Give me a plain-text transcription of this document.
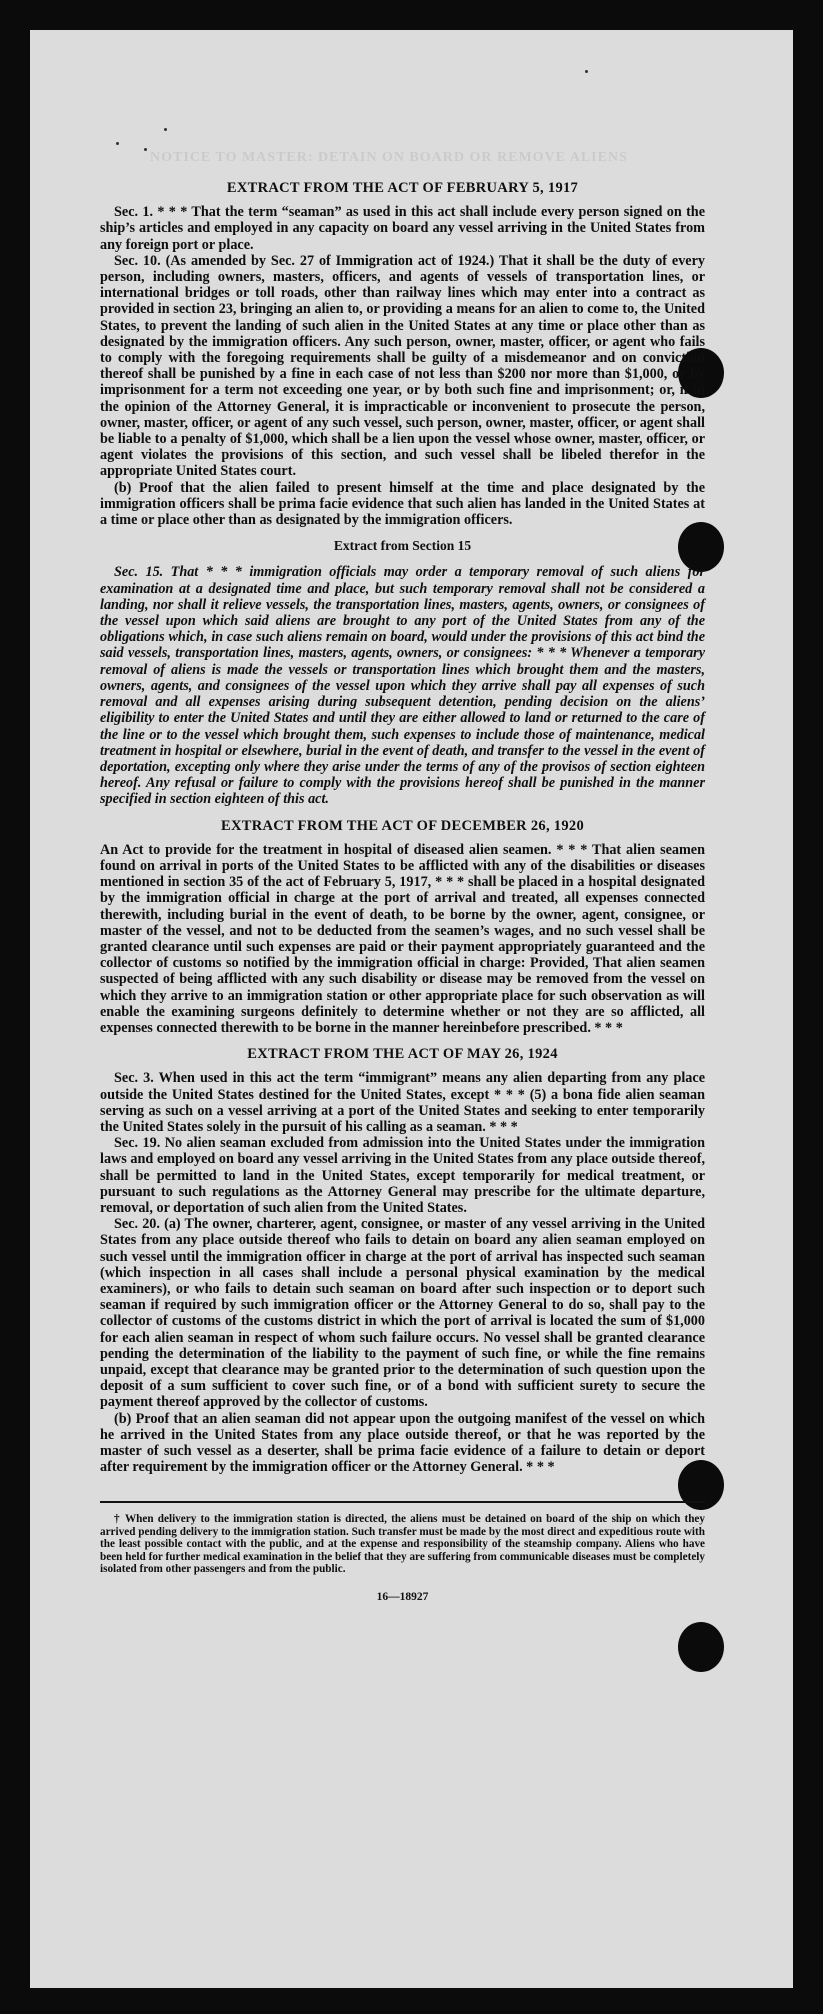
NOTICE TO MASTER: DETAIN ON BOARD OR REMOVE ALIENS
EXTRACT FROM THE ACT OF FEBRUARY 5, 1917

Sec. 1. * * * That the term “seaman” as used in this act shall include every person signed on the ship’s articles and employed in any capacity on board any vessel arriving in the United States from any foreign port or place.

Sec. 10. (As amended by Sec. 27 of Immigration act of 1924.) That it shall be the duty of every person, including owners, masters, officers, and agents of vessels of transportation lines, or international bridges or toll roads, other than railway lines which may enter into a contract as provided in section 23, bringing an alien to, or providing a means for an alien to come to, the United States, to prevent the landing of such alien in the United States at any time or place other than as designated by the immigration officers. Any such person, owner, master, officer, or agent who fails to comply with the foregoing requirements shall be guilty of a misdemeanor and on conviction thereof shall be punished by a fine in each case of not less than $200 nor more than $1,000, or by imprisonment for a term not exceeding one year, or by both such fine and imprisonment; or, if in the opinion of the Attorney General, it is impracticable or inconvenient to prosecute the person, owner, master, officer, or agent of any such vessel, such person, owner, master, officer, or agent shall be liable to a penalty of $1,000, which shall be a lien upon the vessel whose owner, master, officer, or agent violates the provisions of this section, and such vessel shall be libeled therefor in the appropriate United States court.

(b) Proof that the alien failed to present himself at the time and place designated by the immigration officers shall be prima facie evidence that such alien has landed in the United States at a time or place other than as designated by the immigration officers.

Extract from Section 15

Sec. 15. That * * * immigration officials may order a temporary removal of such aliens for examination at a designated time and place, but such temporary removal shall not be considered a landing, nor shall it relieve vessels, the transportation lines, masters, agents, owners, or consignees of the vessel upon which said aliens are brought to any port of the United States from any of the obligations which, in case such aliens remain on board, would under the provisions of this act bind the said vessels, transportation lines, masters, agents, owners, or consignees: * * * Whenever a temporary removal of aliens is made the vessels or transportation lines which brought them and the masters, owners, agents, and consignees of the vessel upon which they arrive shall pay all expenses of such removal and all expenses arising during subsequent detention, pending decision on the aliens’ eligibility to enter the United States and until they are either allowed to land or returned to the care of the line or to the vessel which brought them, such expenses to include those of maintenance, medical treatment in hospital or elsewhere, burial in the event of death, and transfer to the vessel in the event of deportation, excepting only where they arise under the terms of any of the provisos of section eighteen hereof. Any refusal or failure to comply with the provisions hereof shall be punished in the manner specified in section eighteen of this act.

EXTRACT FROM THE ACT OF DECEMBER 26, 1920

An Act to provide for the treatment in hospital of diseased alien seamen. * * * That alien seamen found on arrival in ports of the United States to be afflicted with any of the disabilities or diseases mentioned in section 35 of the act of February 5, 1917, * * * shall be placed in a hospital designated by the immigration official in charge at the port of arrival and treated, all expenses connected therewith, including burial in the event of death, to be borne by the owner, agent, consignee, or master of the vessel, and not to be deducted from the seamen’s wages, and no such vessel shall be granted clearance until such expenses are paid or their payment appropriately guaranteed and the collector of customs so notified by the immigration official in charge: Provided, That alien seamen suspected of being afflicted with any such disability or disease may be removed from the vessel on which they arrive to an immigration station or other appropriate place for such observation as will enable the examining surgeons definitely to determine whether or not they are so afflicted, all expenses connected therewith to be borne in the manner hereinbefore prescribed. * * *

EXTRACT FROM THE ACT OF MAY 26, 1924

Sec. 3. When used in this act the term “immigrant” means any alien departing from any place outside the United States destined for the United States, except * * * (5) a bona fide alien seaman serving as such on a vessel arriving at a port of the United States and seeking to enter temporarily the United States solely in the pursuit of his calling as a seaman. * * *

Sec. 19. No alien seaman excluded from admission into the United States under the immigration laws and employed on board any vessel arriving in the United States from any place outside thereof, shall be permitted to land in the United States, except temporarily for medical treatment, or pursuant to such regulations as the Attorney General may prescribe for the ultimate departure, removal, or deportation of such alien from the United States.

Sec. 20. (a) The owner, charterer, agent, consignee, or master of any vessel arriving in the United States from any place outside thereof who fails to detain on board any alien seaman employed on such vessel until the immigration officer in charge at the port of arrival has inspected such seaman (which inspection in all cases shall include a personal physical examination by the medical examiners), or who fails to detain such seaman on board after such inspection or to deport such seaman if required by such immigration officer or the Attorney General to do so, shall pay to the collector of customs of the customs district in which the port of arrival is located the sum of $1,000 for each alien seaman in respect of whom such failure occurs. No vessel shall be granted clearance pending the determination of the liability to the payment of such fine, or while the fine remains unpaid, except that clearance may be granted prior to the determination of such question upon the deposit of a sum sufficient to cover such fine, or of a bond with sufficient surety to secure the payment thereof approved by the collector of customs.

(b) Proof that an alien seaman did not appear upon the outgoing manifest of the vessel on which he arrived in the United States from any place outside thereof, or that he was reported by the master of such vessel as a deserter, shall be prima facie evidence of a failure to detain or deport after requirement by the immigration officer or the Attorney General. * * *

† When delivery to the immigration station is directed, the aliens must be detained on board of the ship on which they arrived pending delivery to the immigration station. Such transfer must be made by the most direct and expeditious route with the least possible contact with the public, and at the expense and responsibility of the steamship company. Aliens who have been held for further medical examination in the belief that they are suffering from communicable diseases must be completely isolated from other passengers and from the public.

16—18927
